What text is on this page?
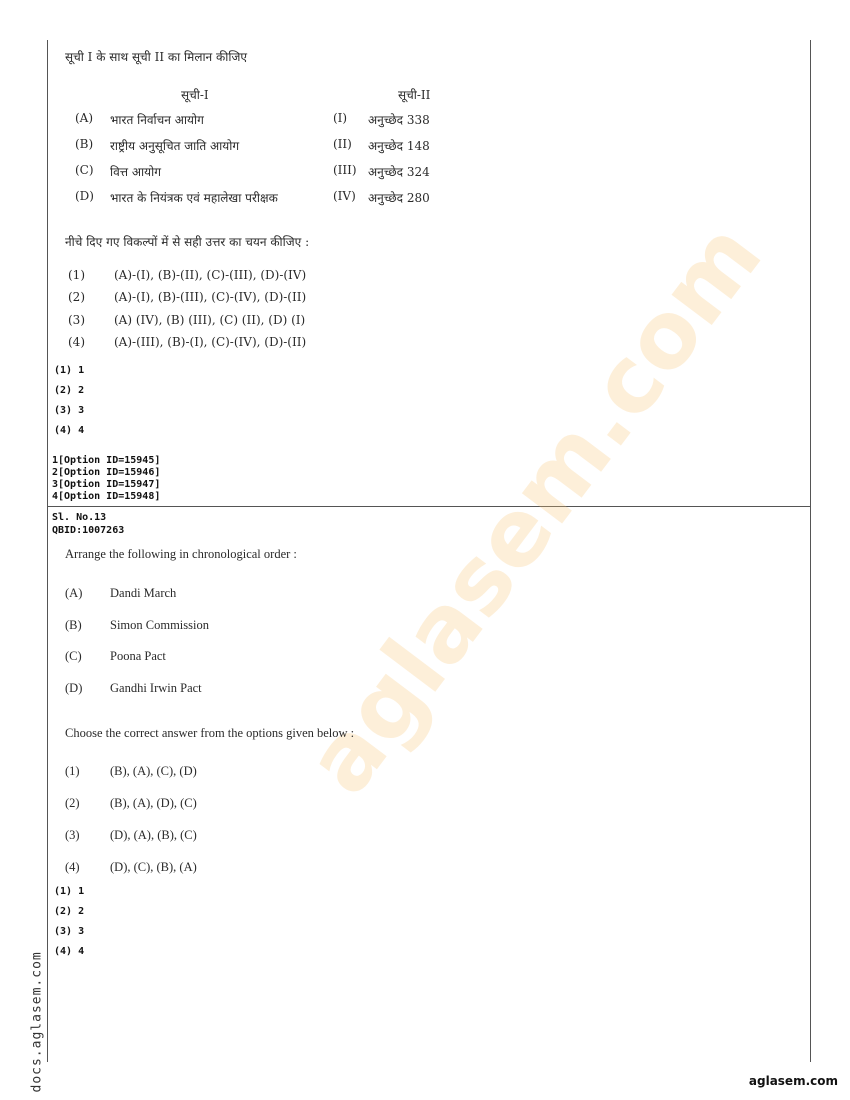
aglasem.com
सूची I के साथ सूची II का मिलान कीजिए
सूची-I	सूची-II
(A) भारत निर्वाचन आयोग	(I) अनुच्छेद 338
(B) राष्ट्रीय अनुसूचित जाति आयोग	(II) अनुच्छेद 148
(C) वित्त आयोग	(III) अनुच्छेद 324
(D) भारत के नियंत्रक एवं महालेखा परीक्षक	(IV) अनुच्छेद 280
नीचे दिए गए विकल्पों में से सही उत्तर का चयन कीजिए :
(1) (A)-(I), (B)-(II), (C)-(III), (D)-(IV)
(2) (A)-(I), (B)-(III), (C)-(IV), (D)-(II)
(3) (A) (IV), (B) (III), (C) (II), (D) (I)
(4) (A)-(III), (B)-(I), (C)-(IV), (D)-(II)
(1) 1
(2) 2
(3) 3
(4) 4
1[Option ID=15945]
2[Option ID=15946]
3[Option ID=15947]
4[Option ID=15948]
Sl. No.13
QBID:1007263
Arrange the following in chronological order :
(A) Dandi March
(B) Simon Commission
(C) Poona Pact
(D) Gandhi Irwin Pact
Choose the correct answer from the options given below :
(1) (B), (A), (C), (D)
(2) (B), (A), (D), (C)
(3) (D), (A), (B), (C)
(4) (D), (C), (B), (A)
(1) 1
(2) 2
(3) 3
(4) 4
docs.aglasem.com	aglasem.com
